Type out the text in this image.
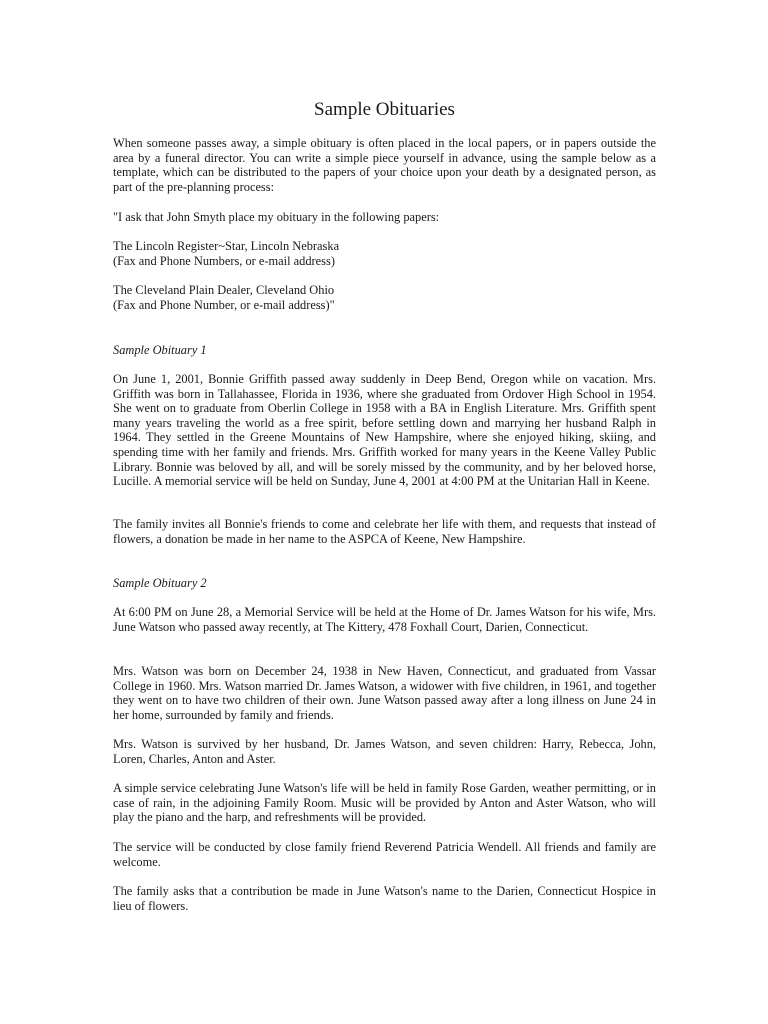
Sample Obituaries

When someone passes away, a simple obituary is often placed in the local papers, or in papers outside the area by a funeral director. You can write a simple piece yourself in advance, using the sample below as a template, which can be distributed to the papers of your choice upon your death by a designated person, as part of the pre-planning process:

"I ask that John Smyth place my obituary in the following papers:

The Lincoln Register~Star, Lincoln Nebraska
(Fax and Phone Numbers, or e-mail address)

The Cleveland Plain Dealer, Cleveland Ohio
(Fax and Phone Number, or e-mail address)"

Sample Obituary 1

On June 1, 2001, Bonnie Griffith passed away suddenly in Deep Bend, Oregon while on vacation. Mrs. Griffith was born in Tallahassee, Florida in 1936, where she graduated from Ordover High School in 1954. She went on to graduate from Oberlin College in 1958 with a BA in English Literature. Mrs. Griffith spent many years traveling the world as a free spirit, before settling down and marrying her husband Ralph in 1964. They settled in the Greene Mountains of New Hampshire, where she enjoyed hiking, skiing, and spending time with her family and friends. Mrs. Griffith worked for many years in the Keene Valley Public Library. Bonnie was beloved by all, and will be sorely missed by the community, and by her beloved horse, Lucille. A memorial service will be held on Sunday, June 4, 2001 at 4:00 PM at the Unitarian Hall in Keene.

The family invites all Bonnie's friends to come and celebrate her life with them, and requests that instead of flowers, a donation be made in her name to the ASPCA of Keene, New Hampshire.

Sample Obituary 2

At 6:00 PM on June 28, a Memorial Service will be held at the Home of Dr. James Watson for his wife, Mrs. June Watson who passed away recently, at The Kittery, 478 Foxhall Court, Darien, Connecticut.

Mrs. Watson was born on December 24, 1938 in New Haven, Connecticut, and graduated from Vassar College in 1960. Mrs. Watson married Dr. James Watson, a widower with five children, in 1961, and together they went on to have two children of their own. June Watson passed away after a long illness on June 24 in her home, surrounded by family and friends.

Mrs. Watson is survived by her husband, Dr. James Watson, and seven children: Harry, Rebecca, John, Loren, Charles, Anton and Aster.

A simple service celebrating June Watson's life will be held in family Rose Garden, weather permitting, or in case of rain, in the adjoining Family Room. Music will be provided by Anton and Aster Watson, who will play the piano and the harp, and refreshments will be provided.

The service will be conducted by close family friend Reverend Patricia Wendell. All friends and family are welcome.

The family asks that a contribution be made in June Watson's name to the Darien, Connecticut Hospice in lieu of flowers.
